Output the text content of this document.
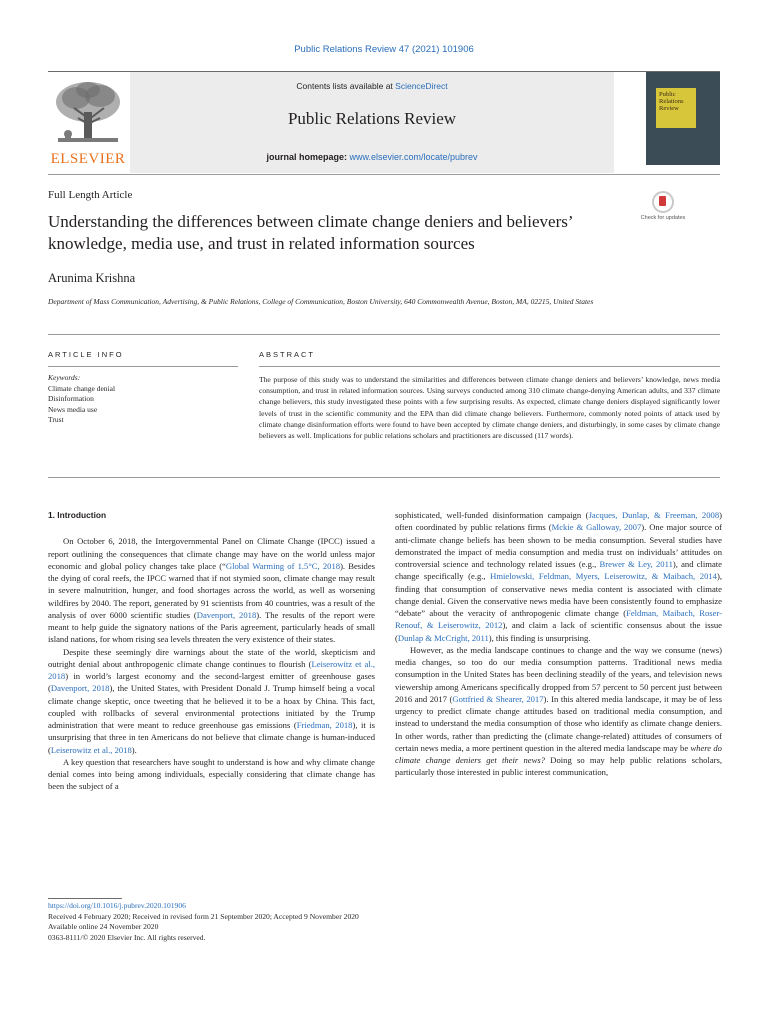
Public Relations Review 47 (2021) 101906
ELSEVIER
Contents lists available at ScienceDirect
Public Relations Review
journal homepage: www.elsevier.com/locate/pubrev
Public Relations Review
Full Length Article
Understanding the differences between climate change deniers and believers’ knowledge, media use, and trust in related information sources
Check for updates
Arunima Krishna
Department of Mass Communication, Advertising, & Public Relations, College of Communication, Boston University, 640 Commonwealth Avenue, Boston, MA, 02215, United States
ARTICLE INFO	ABSTRACT
Keywords:
Climate change denial
Disinformation
News media use
Trust
The purpose of this study was to understand the similarities and differences between climate change deniers and believers’ knowledge, news media consumption, and trust in related information sources. Using surveys conducted among 310 climate change-denying American adults, and 337 climate change believers, this study investigated these points with a few surprising results. As expected, climate change deniers displayed significantly lower levels of trust in the scientific community and the EPA than did climate change believers. Furthermore, commonly noted points of attack used by climate change disinformation efforts were found to have been accepted by climate change deniers, and disturbingly, in some cases by climate change believers as well. Implications for public relations scholars and practitioners are discussed (117 words).
1. Introduction

On October 6, 2018, the Intergovernmental Panel on Climate Change (IPCC) issued a report outlining the consequences that climate change may have on the world unless major economic and global policy changes take place (“Global Warming of 1.5°C, 2018). Besides the dying of coral reefs, the IPCC warned that if not stymied soon, climate change may result in severe malnutrition, hunger, and food shortages across the world, as well as worsening wildfires by 2040. The report, generated by 91 scientists from 40 countries, was a result of the analysis of over 6000 scientific studies (Davenport, 2018). The results of the report were meant to help guide the signatory nations of the Paris agreement, particularly heads of small island nations, for whom rising sea levels threaten the very existence of their states.

Despite these seemingly dire warnings about the state of the world, skepticism and outright denial about anthropogenic climate change continues to flourish (Leiserowitz et al., 2018) in world’s largest economy and the second-largest emitter of greenhouse gases (Davenport, 2018), the United States, with President Donald J. Trump himself being a vocal climate change skeptic, once tweeting that he believed it to be a hoax by China. This fact, coupled with rollbacks of several environmental protections initiated by the Trump administration that were meant to reduce greenhouse gas emissions (Friedman, 2018), it is unsurprising that three in ten Americans do not believe that climate change is human-induced (Leiserowitz et al., 2018).

A key question that researchers have sought to understand is how and why climate change denial comes into being among individuals, especially considering that climate change has been the subject of a

sophisticated, well-funded disinformation campaign (Jacques, Dunlap, & Freeman, 2008) often coordinated by public relations firms (Mckie & Galloway, 2007). One major source of anti-climate change beliefs has been shown to be media consumption. Several studies have demonstrated the impact of media consumption and media trust on individuals’ attitudes on controversial science and technology related issues (e.g., Brewer & Ley, 2011), and climate change specifically (e.g., Hmielowski, Feldman, Myers, Leiserowitz, & Maibach, 2014), finding that consumption of conservative news media content is associated with climate change denial. Given the conservative news media have been consistently found to emphasize “debate” about the veracity of anthropogenic climate change (Feldman, Maibach, Roser-Renouf, & Leiserowitz, 2012), and claim a lack of scientific consensus about the issue (Dunlap & McCright, 2011), this finding is unsurprising.

However, as the media landscape continues to change and the way we consume (news) media changes, so too do our media consumption patterns. Traditional news media consumption in the United States has been declining steadily of the years, and television news viewership among Americans specifically dropped from 57 percent to 50 percent just between 2016 and 2017 (Gottfried & Shearer, 2017). In this altered media landscape, it may be of less urgency to predict climate change attitudes based on traditional media consumption, and instead to understand the media consumption of those who identify as climate change deniers. In other words, rather than predicting the (climate change-related) attitudes of consumers of certain news media, a more pertinent question in the altered media landscape may be where do climate change deniers get their news? Doing so may help public relations scholars, particularly those interested in public interest communication,

https://doi.org/10.1016/j.pubrev.2020.101906
Received 4 February 2020; Received in revised form 21 September 2020; Accepted 9 November 2020
Available online 24 November 2020
0363-8111/© 2020 Elsevier Inc. All rights reserved.
